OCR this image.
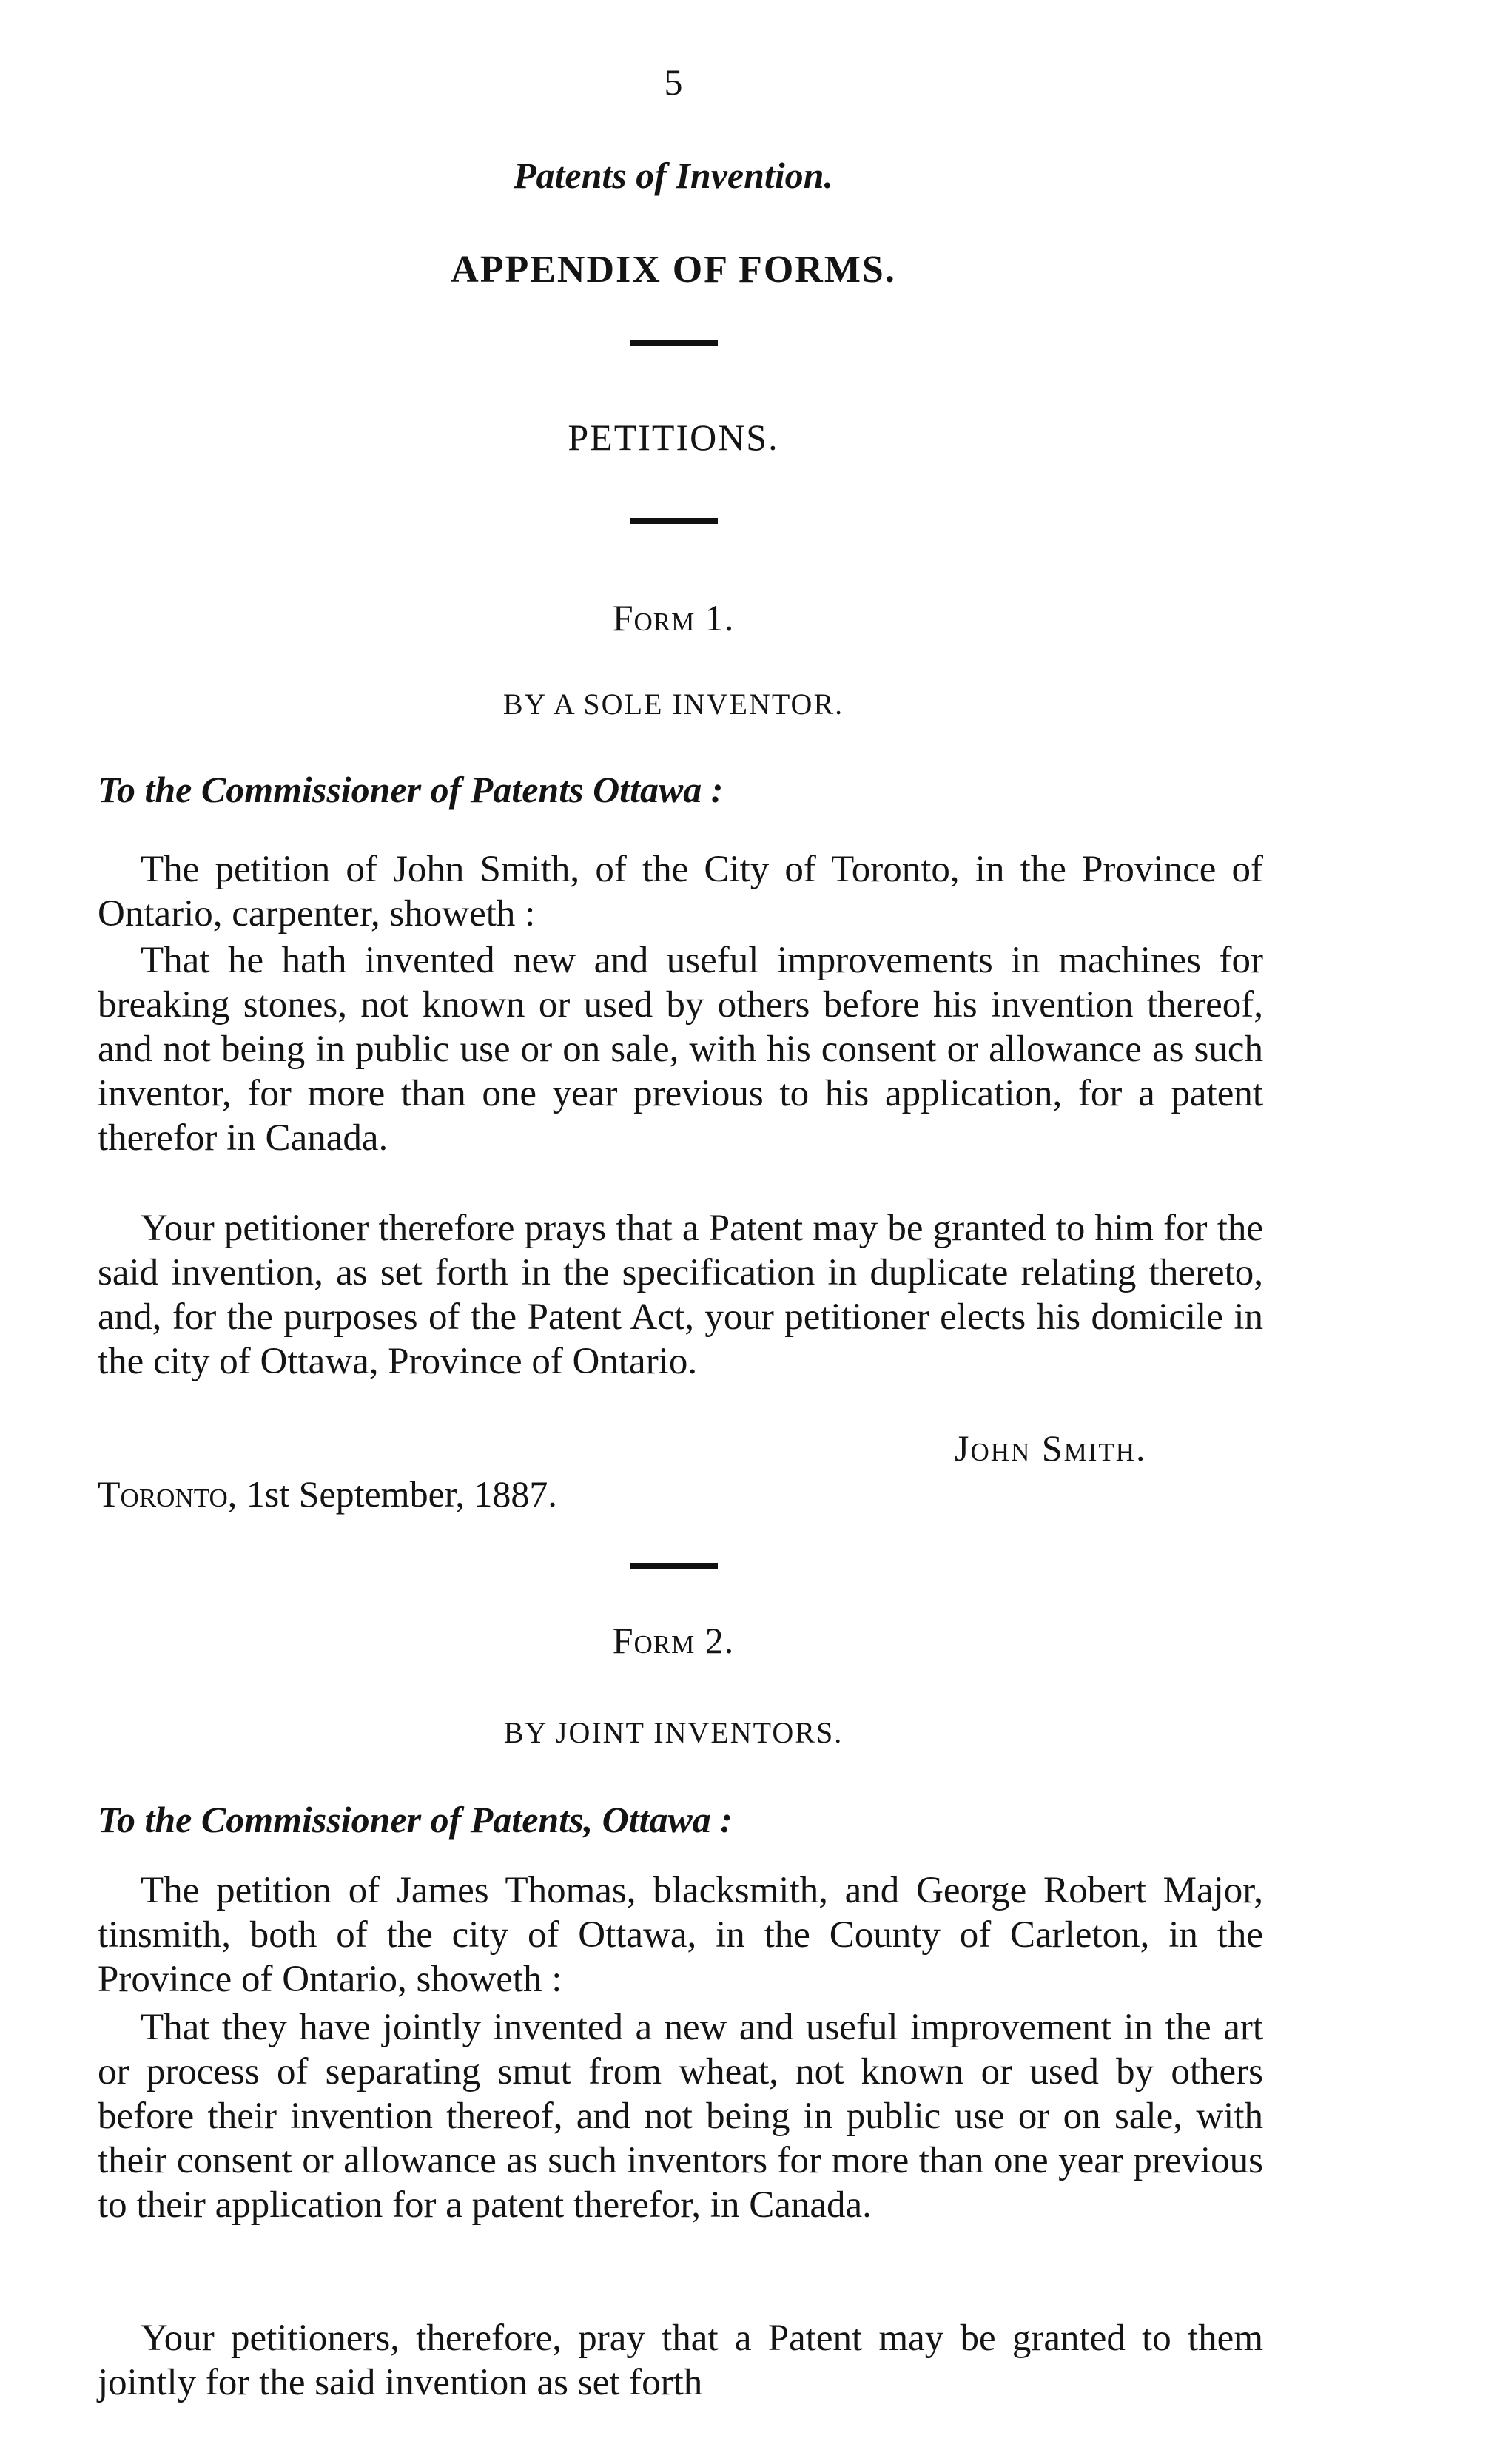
5
Patents of Invention.
APPENDIX OF FORMS.
PETITIONS.
Form 1.
BY A SOLE INVENTOR.
To the Commissioner of Patents Ottawa :
The petition of John Smith, of the City of Toronto, in the Province of Ontario, carpenter, showeth :
That he hath invented new and useful improvements in machines for breaking stones, not known or used by others before his invention thereof, and not being in public use or on sale, with his consent or allowance as such inventor, for more than one year previous to his application, for a patent therefor in Canada.
Your petitioner therefore prays that a Patent may be granted to him for the said invention, as set forth in the specification in duplicate relating thereto, and, for the purposes of the Patent Act, your petitioner elects his domicile in the city of Ottawa, Province of Ontario.
John Smith.
Toronto, 1st September, 1887.
Form 2.
BY JOINT INVENTORS.
To the Commissioner of Patents, Ottawa :
The petition of James Thomas, blacksmith, and George Robert Major, tinsmith, both of the city of Ottawa, in the County of Carleton, in the Province of Ontario, showeth :
That they have jointly invented a new and useful improvement in the art or process of separating smut from wheat, not known or used by others before their invention thereof, and not being in public use or on sale, with their consent or allowance as such inventors for more than one year previous to their application for a patent therefor, in Canada.
Your petitioners, therefore, pray that a Patent may be granted to them jointly for the said invention as set forth
